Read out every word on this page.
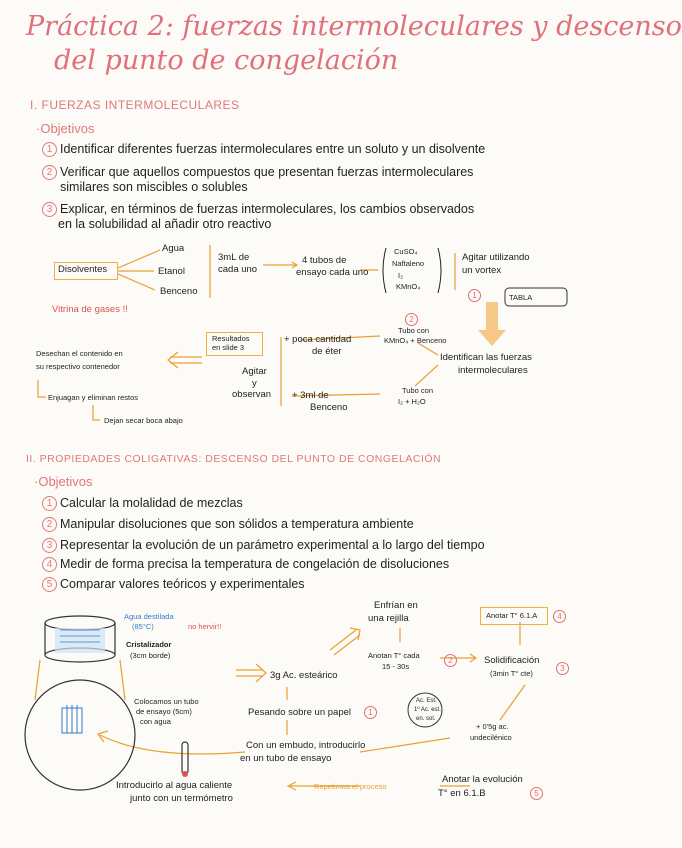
Práctica 2: fuerzas intermoleculares y descenso
del punto de congelación
I. FUERZAS INTERMOLECULARES
·Objetivos
1 Identificar diferentes fuerzas intermoleculares entre un soluto y un disolvente
2 Verificar que aquellos compuestos que presentan fuerzas intermoleculares
similares son miscibles o solubles
3 Explicar, en términos de fuerzas intermoleculares, los cambios observados
en la solubilidad al añadir otro reactivo
Disolventes
Agua
Etanol
Benceno
Vitrina de gases !!
3mL de
cada uno
4 tubos de
ensayo cada uno
CuSO₄
Naftaleno
I₂
KMnO₄
Agitar utilizando
un vortex
1	TABLA
2
Tubo con
KMnO₄ + Benceno
Identifican las fuerzas
intermoleculares
Tubo con
I₂ + H₂O
+ poca cantidad
de éter
Agitar
y
observan + 3ml de
Benceno
Resultados
en slide 3
Desechan el contenido en
su respectivo contenedor
Enjuagan y eliminan restos
Dejan secar boca abajo
II. PROPIEDADES COLIGATIVAS: DESCENSO DEL PUNTO DE CONGELACIÓN
·Objetivos
1 Calcular la molalidad de mezclas
2 Manipular disoluciones que son sólidos a temperatura ambiente
3 Representar la evolución de un parámetro experimental a lo largo del tiempo
4 Medir de forma precisa la temperatura de congelación de disoluciones
5 Comparar valores teóricos y experimentales
Agua destilada
(85°C)	no hervir!!
Cristalizador
(3cm borde)
Colocamos un tubo
de ensayo (5cm)
con agua
3g Ac. esteárico
Pesando sobre un papel	1
Con un embudo, introducirlo
en un tubo de ensayo
Introducirlo al agua caliente
junto con un termómetro
Enfrían en
una rejilla
Anotan T° cada
15 - 30s
2	Solidificación
(3min T° cte)
3
Anotar T° 6.1.A	4
Ac. Est.
1º Ac. est.
en. sol.
+ 0'5g ac.
undecilénico
Repetimos el proceso
Anotar la evolución
T° en 6.1.B	5
